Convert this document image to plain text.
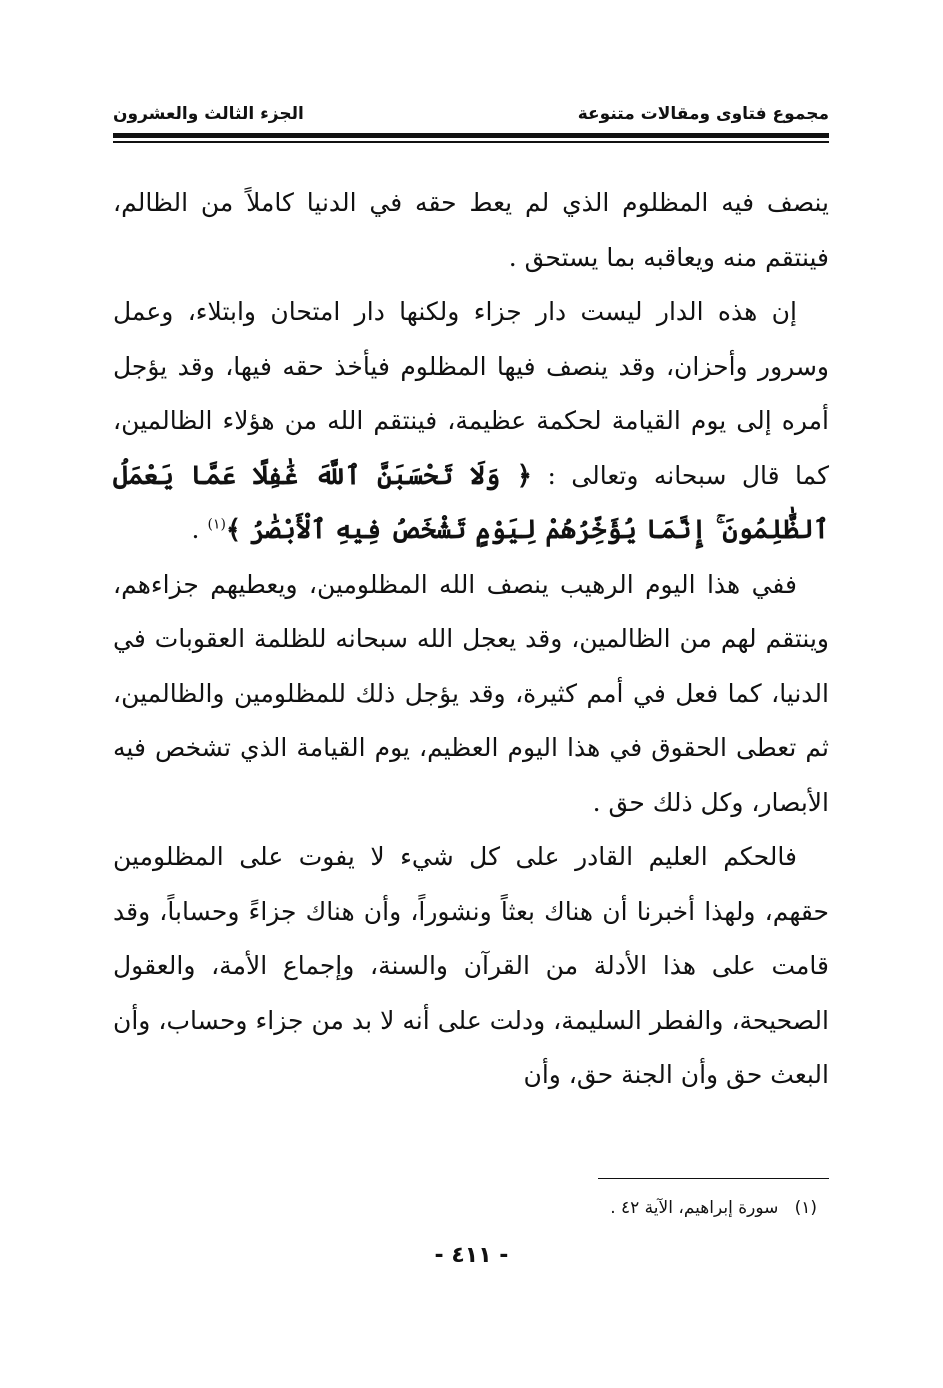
مجموع فتاوى ومقالات متنوعة
الجزء الثالث والعشرون

ينصف فيه المظلوم الذي لم يعط حقه في الدنيا كاملاً من الظالم، فينتقم منه ويعاقبه بما يستحق .

إن هذه الدار ليست دار جزاء ولكنها دار امتحان وابتلاء، وعمل وسرور وأحزان، وقد ينصف فيها المظلوم فيأخذ حقه فيها، وقد يؤجل أمره إلى يوم القيامة لحكمة عظيمة، فينتقم الله من هؤلاء الظالمين، كما قال سبحانه وتعالى : ﴿ وَلَا تَحْسَبَنَّ ٱللَّهَ غَٰفِلًا عَمَّا يَعْمَلُ ٱلظَّٰلِمُونَ ۚ إِنَّمَا يُؤَخِّرُهُمْ لِيَوْمٍ تَشْخَصُ فِيهِ ٱلْأَبْصَٰرُ ﴾$^{(١)}$ .

ففي هذا اليوم الرهيب ينصف الله المظلومين، ويعطيهم جزاءهم، وينتقم لهم من الظالمين، وقد يعجل الله سبحانه للظلمة العقوبات في الدنيا، كما فعل في أمم كثيرة، وقد يؤجل ذلك للمظلومين والظالمين، ثم تعطى الحقوق في هذا اليوم العظيم، يوم القيامة الذي تشخص فيه الأبصار، وكل ذلك حق .

فالحكم العليم القادر على كل شيء لا يفوت على المظلومين حقهم، ولهذا أخبرنا أن هناك بعثاً ونشوراً، وأن هناك جزاءً وحساباً، وقد قامت على هذا الأدلة من القرآن والسنة، وإجماع الأمة، والعقول الصحيحة، والفطر السليمة، ودلت على أنه لا بد من جزاء وحساب، وأن البعث حق وأن الجنة حق، وأن

(١)   سورة إبراهيم، الآية ٤٢ .
- ٤١١ -
